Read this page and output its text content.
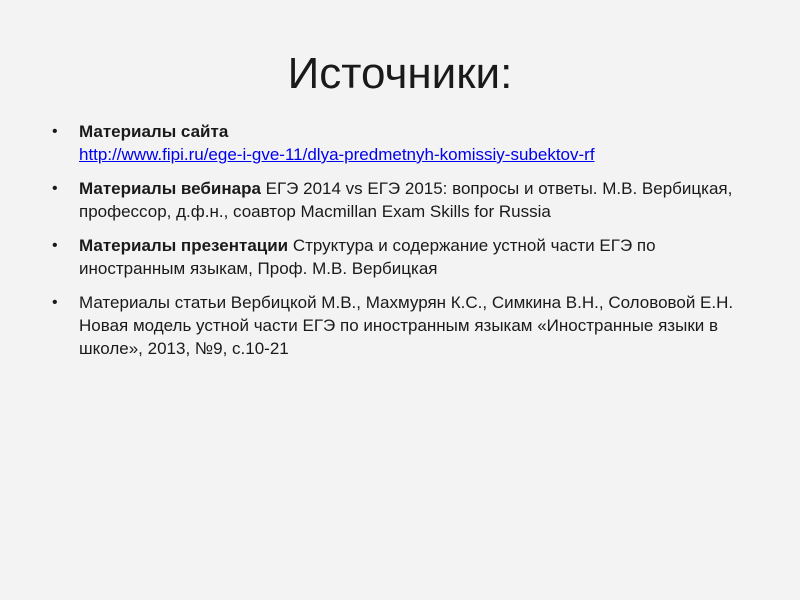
Источники:
• Материалы сайта
http://www.fipi.ru/ege-i-gve-11/dlya-predmetnyh-komissiy-subektov-rf
• Материалы вебинара ЕГЭ 2014 vs ЕГЭ 2015: вопросы и ответы. М.В. Вербицкая, профессор, д.ф.н., соавтор Macmillan Exam Skills for Russia
• Материалы презентации Структура и содержание устной части ЕГЭ по иностранным языкам, Проф. М.В. Вербицкая
• Материалы статьи Вербицкой М.В., Махмурян К.С., Симкина В.Н., Солововой Е.Н. Новая модель устной части ЕГЭ по иностранным языкам «Иностранные языки в школе», 2013, №9, с.10-21
